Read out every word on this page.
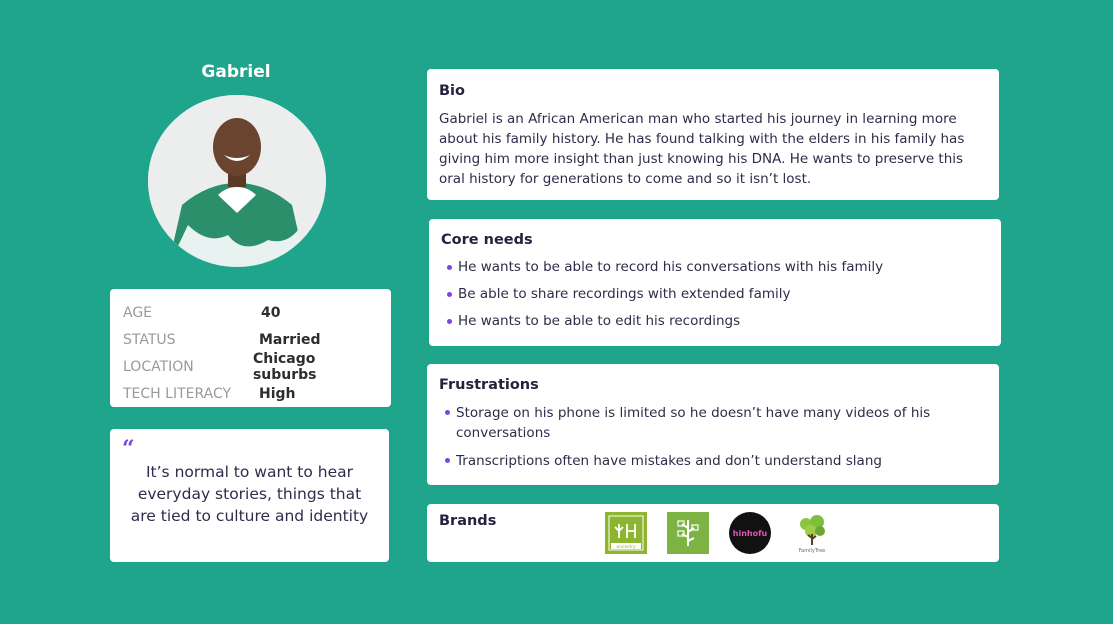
Gabriel
AGE	40
STATUS	Married
LOCATION	Chicago suburbs
TECH LITERACY	High
“
It’s normal to want to hear everyday stories, things that are tied to culture and identity
Bio
Gabriel is an African American man who started his journey in learning more about his family history. He has found talking with the elders in his family has giving him more insight than just knowing his DNA. He wants to preserve this oral history for generations to come and so it isn’t lost.
Core needs
He wants to be able to record his conversations with his family
Be able to share recordings with extended family
He wants to be able to edit his recordings
Frustrations
Storage on his phone is limited so he doesn’t have many videos of his conversations
Transcriptions often have mistakes and don’t understand slang
Brands
ancestry
hinhofu
FamilyTree
